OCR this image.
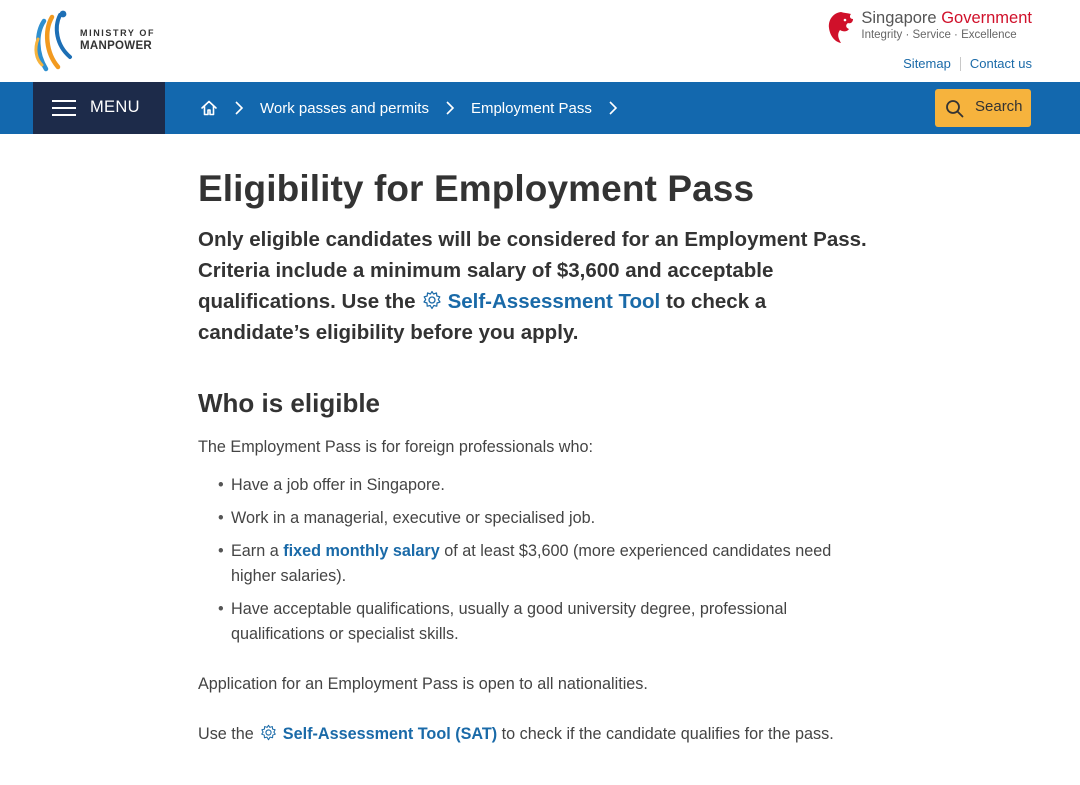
MINISTRY OF
MANPOWER
Singapore Government
Integrity · Service · Excellence
Sitemap Contact us
MENU	Work passes and permits	Employment Pass	Search
Eligibility for Employment Pass

Only eligible candidates will be considered for an Employment Pass. Criteria include a minimum salary of $3,600 and acceptable qualifications. Use the Self-Assessment Tool to check a candidate’s eligibility before you apply.

Who is eligible

The Employment Pass is for foreign professionals who:

• Have a job offer in Singapore.
• Work in a managerial, executive or specialised job.
• Earn a fixed monthly salary of at least $3,600 (more experienced candidates need higher salaries).
• Have acceptable qualifications, usually a good university degree, professional qualifications or specialist skills.

Application for an Employment Pass is open to all nationalities.

Use the Self-Assessment Tool (SAT) to check if the candidate qualifies for the pass.
